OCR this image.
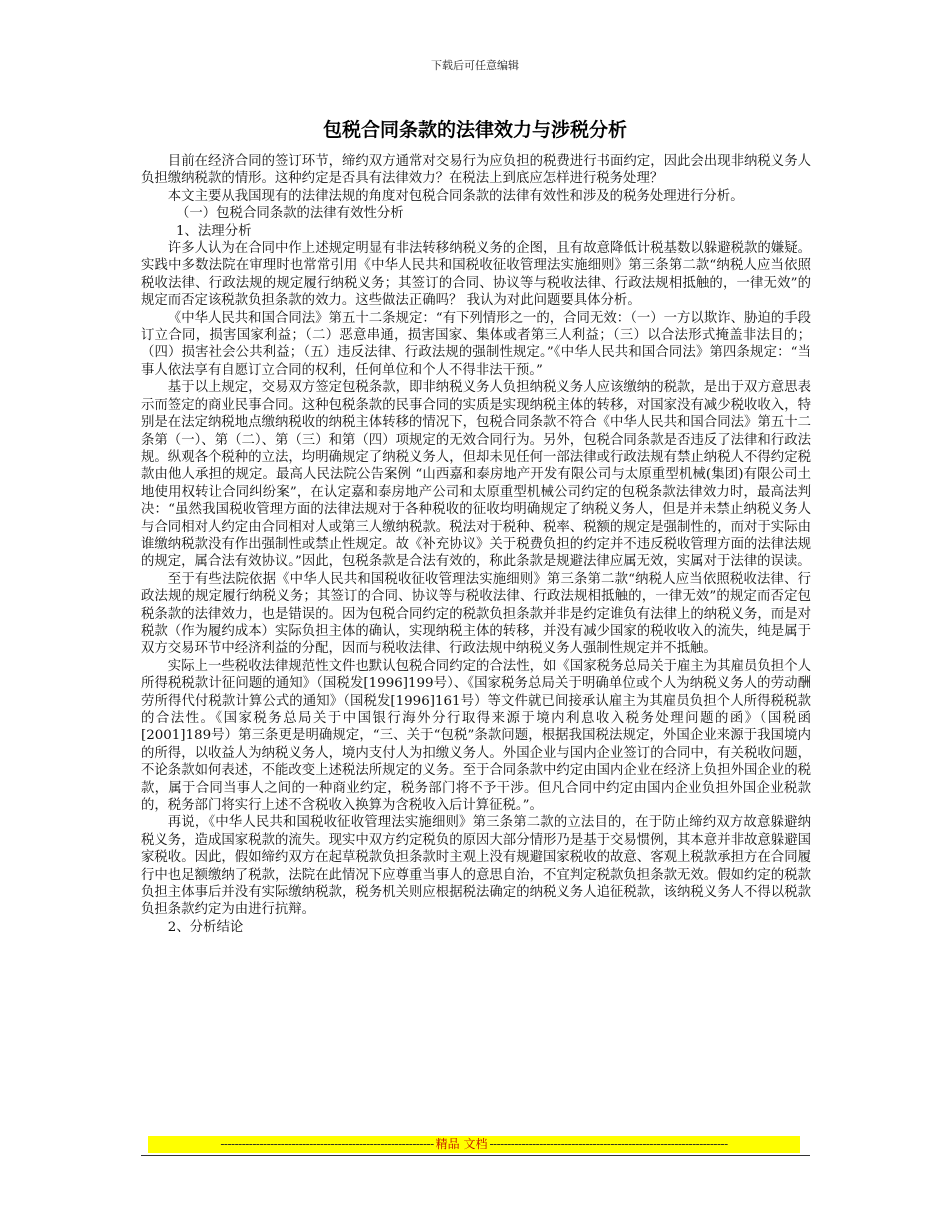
下载后可任意编辑
包税合同条款的法律效力与涉税分析

目前在经济合同的签订环节，缔约双方通常对交易行为应负担的税费进行书面约定，因此会出现非纳税义务人负担缴纳税款的情形。这种约定是否具有法律效力？在税法上到底应怎样进行税务处理？

本文主要从我国现有的法律法规的角度对包税合同条款的法律有效性和涉及的税务处理进行分析。

（一）包税合同条款的法律有效性分析

1、法理分析

许多人认为在合同中作上述规定明显有非法转移纳税义务的企图，且有故意降低计税基数以躲避税款的嫌疑。实践中多数法院在审理时也常常引用《中华人民共和国税收征收管理法实施细则》第三条第二款“纳税人应当依照税收法律、行政法规的规定履行纳税义务；其签订的合同、协议等与税收法律、行政法规相抵触的，一律无效”的规定而否定该税款负担条款的效力。这些做法正确吗？ 我认为对此问题要具体分析。

《中华人民共和国合同法》第五十二条规定：“有下列情形之一的，合同无效：（一）一方以欺诈、胁迫的手段订立合同，损害国家利益；（二）恶意串通，损害国家、集体或者第三人利益；（三）以合法形式掩盖非法目的；（四）损害社会公共利益；（五）违反法律、行政法规的强制性规定。”《中华人民共和国合同法》第四条规定：“当事人依法享有自愿订立合同的权利，任何单位和个人不得非法干预。”

基于以上规定，交易双方签定包税条款，即非纳税义务人负担纳税义务人应该缴纳的税款，是出于双方意思表示而签定的商业民事合同。这种包税条款的民事合同的实质是实现纳税主体的转移，对国家没有减少税收收入，特别是在法定纳税地点缴纳税收的纳税主体转移的情况下，包税合同条款不符合《中华人民共和国合同法》第五十二条第（一）、第（二）、第（三）和第（四）项规定的无效合同行为。另外，包税合同条款是否违反了法律和行政法规。纵观各个税种的立法，均明确规定了纳税义务人，但却未见任何一部法律或行政法规有禁止纳税人不得约定税款由他人承担的规定。最高人民法院公告案例 “山西嘉和泰房地产开发有限公司与太原重型机械(集团)有限公司土地使用权转让合同纠纷案”，在认定嘉和泰房地产公司和太原重型机械公司约定的包税条款法律效力时，最高法判决：“虽然我国税收管理方面的法律法规对于各种税收的征收均明确规定了纳税义务人，但是并未禁止纳税义务人与合同相对人约定由合同相对人或第三人缴纳税款。税法对于税种、税率、税额的规定是强制性的，而对于实际由谁缴纳税款没有作出强制性或禁止性规定。故《补充协议》关于税费负担的约定并不违反税收管理方面的法律法规的规定，属合法有效协议。”因此，包税条款是合法有效的，称此条款是规避法律应属无效，实属对于法律的误读。

至于有些法院依据《中华人民共和国税收征收管理法实施细则》第三条第二款“纳税人应当依照税收法律、行政法规的规定履行纳税义务；其签订的合同、协议等与税收法律、行政法规相抵触的，一律无效”的规定而否定包税条款的法律效力，也是错误的。因为包税合同约定的税款负担条款并非是约定谁负有法律上的纳税义务，而是对税款（作为履约成本）实际负担主体的确认，实现纳税主体的转移，并没有减少国家的税收收入的流失，纯是属于双方交易环节中经济利益的分配，因而与税收法律、行政法规中纳税义务人强制性规定并不抵触。

实际上一些税收法律规范性文件也默认包税合同约定的合法性，如《国家税务总局关于雇主为其雇员负担个人所得税税款计征问题的通知》（国税发[1996]199号）、《国家税务总局关于明确单位或个人为纳税义务人的劳动酬劳所得代付税款计算公式的通知》（国税发[1996]161号）等文件就已间接承认雇主为其雇员负担个人所得税税款的合法性。《国家税务总局关于中国银行海外分行取得来源于境内利息收入税务处理问题的函》（国税函[2001]189号）第三条更是明确规定，“三、关于“包税”条款问题，根据我国税法规定，外国企业来源于我国境内的所得，以收益人为纳税义务人，境内支付人为扣缴义务人。外国企业与国内企业签订的合同中，有关税收问题，不论条款如何表述，不能改变上述税法所规定的义务。至于合同条款中约定由国内企业在经济上负担外国企业的税款，属于合同当事人之间的一种商业约定，税务部门将不予干涉。但凡合同中约定由国内企业负担外国企业税款的，税务部门将实行上述不含税收入换算为含税收入后计算征税。”。

再说，《中华人民共和国税收征收管理法实施细则》第三条第二款的立法目的，在于防止缔约双方故意躲避纳税义务，造成国家税款的流失。现实中双方约定税负的原因大部分情形乃是基于交易惯例，其本意并非故意躲避国家税收。因此，假如缔约双方在起草税款负担条款时主观上没有规避国家税收的故意、客观上税款承担方在合同履行中也足额缴纳了税款，法院在此情况下应尊重当事人的意思自治，不宜判定税款负担条款无效。假如约定的税款负担主体事后并没有实际缴纳税款，税务机关则应根据税法确定的纳税义务人追征税款，该纳税义务人不得以税款负担条款约定为由进行抗辩。

2、分析结论

------------------------------------------------------------ 精品 文档 -------------------------------------------------------------------
